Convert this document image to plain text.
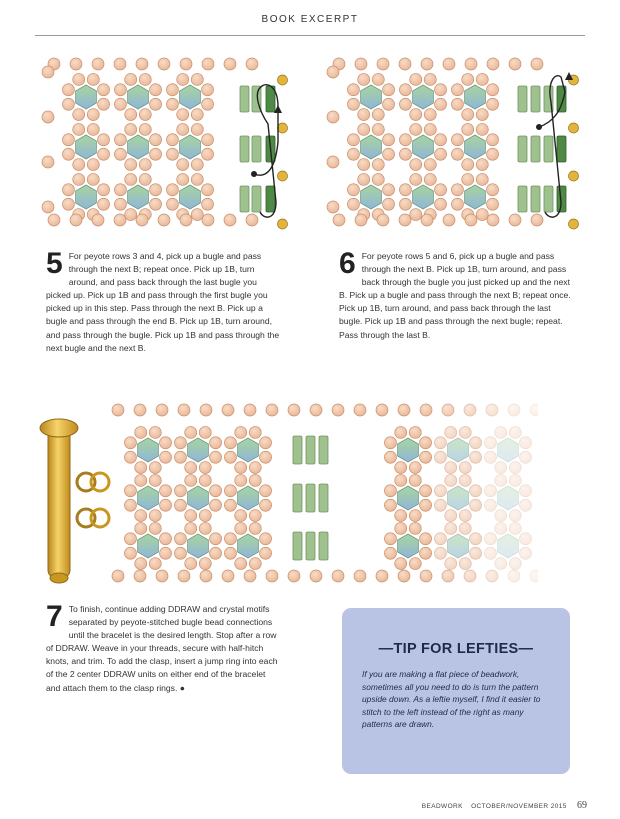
BOOK EXCERPT
5 For peyote rows 3 and 4, pick up a bugle and pass through the next B; repeat once. Pick up 1B, turn around, and pass back through the last bugle you picked up. Pick up 1B and pass through the first bugle you picked up in this step. Pass through the next B. Pick up a bugle and pass through the end B. Pick up 1B, turn around, and pass through the bugle. Pick up 1B and pass through the next bugle and the next B.
6 For peyote rows 5 and 6, pick up a bugle and pass through the next B. Pick up 1B, turn around, and pass back through the bugle you just picked up and the next B. Pick up a bugle and pass through the next B; repeat once. Pick up 1B, turn around, and pass back through the last bugle. Pick up 1B and pass through the next bugle; repeat. Pass through the last B.
7 To finish, continue adding DDRAW and crystal motifs separated by peyote-stitched bugle bead connections until the bracelet is the desired length. Stop after a row of DDRAW. Weave in your threads, secure with half-hitch knots, and trim. To add the clasp, insert a jump ring into each of the 2 center DDRAW units on either end of the bracelet and attach them to the clasp rings. ●
—TIP FOR LEFTIES—
If you are making a flat piece of beadwork, sometimes all you need to do is turn the pattern upside down. As a leftie myself, I find it easier to stitch to the left instead of the right as many patterns are drawn.
BEADWORK OCTOBER/NOVEMBER 2015 69
